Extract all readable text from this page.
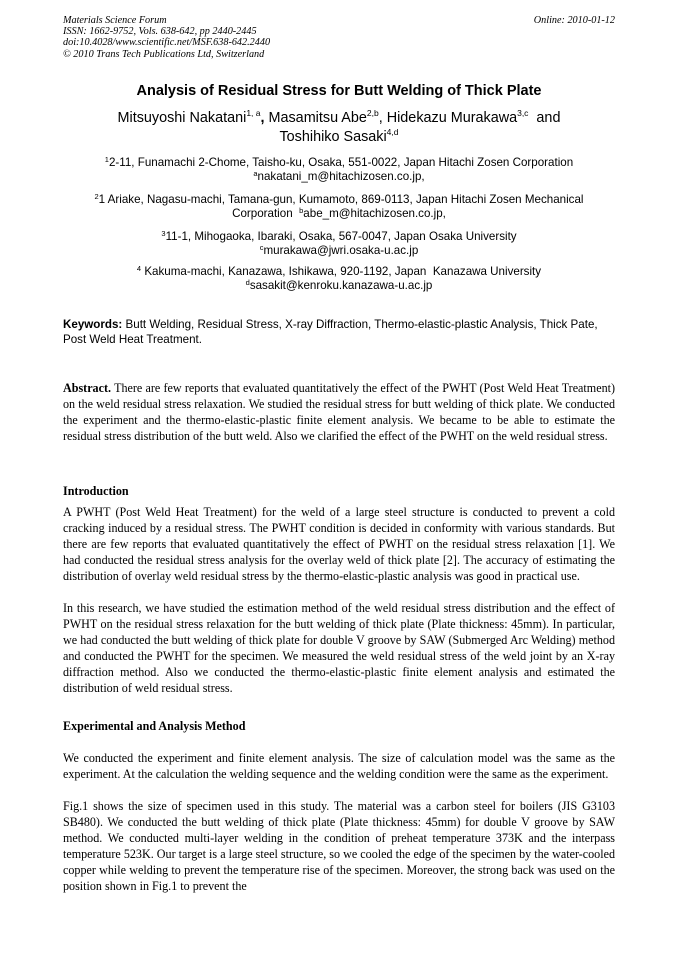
Materials Science Forum
ISSN: 1662-9752, Vols. 638-642, pp 2440-2445
doi:10.4028/www.scientific.net/MSF.638-642.2440
© 2010 Trans Tech Publications Ltd, Switzerland
Online: 2010-01-12
Analysis of Residual Stress for Butt Welding of Thick Plate
Mitsuyoshi Nakatani$^{1, a}$, Masamitsu Abe$^{2,b}$, Hidekazu Murakawa$^{3,c}$  and
Toshihiko Sasaki$^{4,d}$
$^1$2-11, Funamachi 2-Chome, Taisho-ku, Osaka, 551-0022, Japan Hitachi Zosen Corporation
$^a$nakatani_m@hitachizosen.co.jp,
$^2$1 Ariake, Nagasu-machi, Tamana-gun, Kumamoto, 869-0113, Japan Hitachi Zosen Mechanical
Corporation $^b$abe_m@hitachizosen.co.jp,
$^3$11-1, Mihogaoka, Ibaraki, Osaka, 567-0047, Japan Osaka University
$^c$murakawa@jwri.osaka-u.ac.jp
$^4$ Kakuma-machi, Kanazawa, Ishikawa, 920-1192, Japan  Kanazawa University
$^d$sasakit@kenroku.kanazawa-u.ac.jp
Keywords: Butt Welding, Residual Stress, X-ray Diffraction, Thermo-elastic-plastic Analysis, Thick Pate, Post Weld Heat Treatment.
Abstract. There are few reports that evaluated quantitatively the effect of the PWHT (Post Weld Heat Treatment) on the weld residual stress relaxation. We studied the residual stress for butt welding of thick plate. We conducted the experiment and the thermo-elastic-plastic finite element analysis. We became to be able to estimate the residual stress distribution of the butt weld. Also we clarified the effect of the PWHT on the weld residual stress.
Introduction
A PWHT (Post Weld Heat Treatment) for the weld of a large steel structure is conducted to prevent a cold cracking induced by a residual stress. The PWHT condition is decided in conformity with various standards. But there are few reports that evaluated quantitatively the effect of PWHT on the residual stress relaxation [1]. We had conducted the residual stress analysis for the overlay weld of thick plate [2]. The accuracy of estimating the distribution of overlay weld residual stress by the thermo-elastic-plastic analysis was good in practical use.
In this research, we have studied the estimation method of the weld residual stress distribution and the effect of PWHT on the residual stress relaxation for the butt welding of thick plate (Plate thickness: 45mm). In particular, we had conducted the butt welding of thick plate for double V groove by SAW (Submerged Arc Welding) method and conducted the PWHT for the specimen. We measured the weld residual stress of the weld joint by an X-ray diffraction method. Also we conducted the thermo-elastic-plastic finite element analysis and estimated the distribution of weld residual stress.
Experimental and Analysis Method
We conducted the experiment and finite element analysis. The size of calculation model was the same as the experiment. At the calculation the welding sequence and the welding condition were the same as the experiment.
Fig.1 shows the size of specimen used in this study. The material was a carbon steel for boilers (JIS G3103 SB480). We conducted the butt welding of thick plate (Plate thickness: 45mm) for double V groove by SAW method. We conducted multi-layer welding in the condition of preheat temperature 373K and the interpass temperature 523K. Our target is a large steel structure, so we cooled the edge of the specimen by the water-cooled copper while welding to prevent the temperature rise of the specimen. Moreover, the strong back was used on the position shown in Fig.1 to prevent the
